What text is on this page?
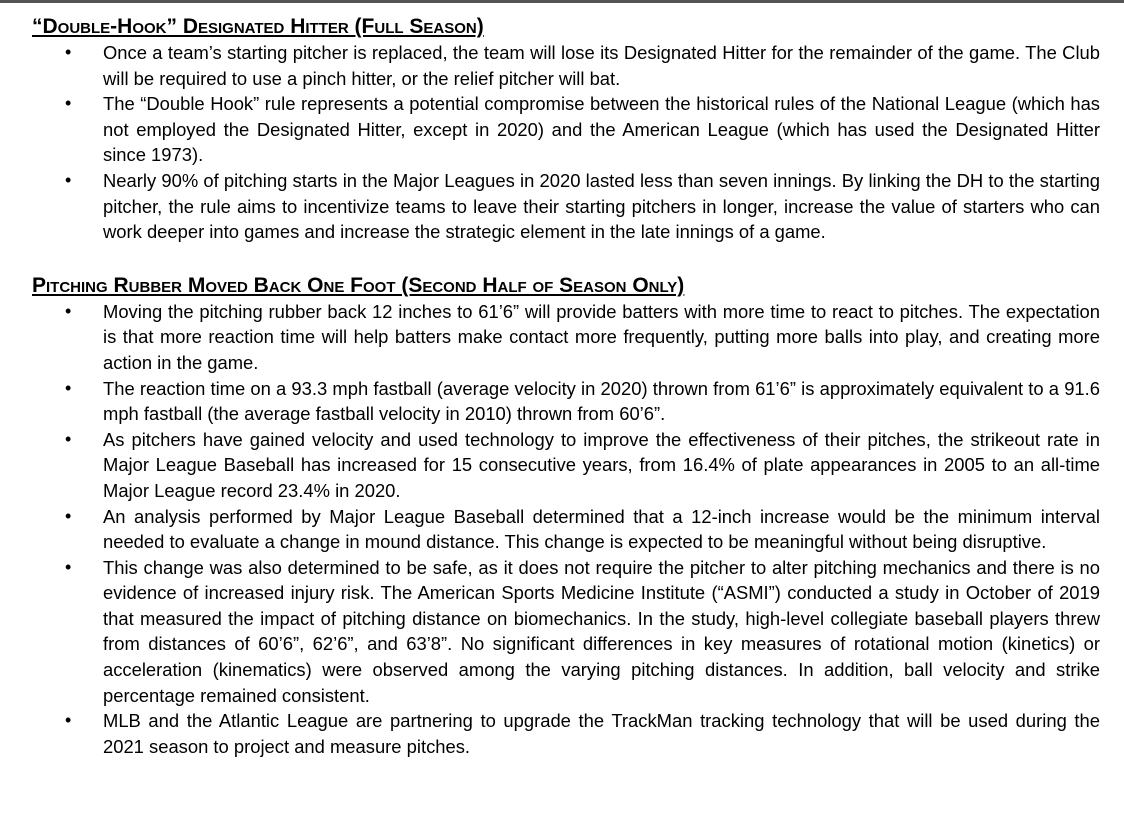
“Double-Hook” Designated Hitter (Full Season)
• Once a team’s starting pitcher is replaced, the team will lose its Designated Hitter for the remainder of the game. The Club will be required to use a pinch hitter, or the relief pitcher will bat.
• The “Double Hook” rule represents a potential compromise between the historical rules of the National League (which has not employed the Designated Hitter, except in 2020) and the American League (which has used the Designated Hitter since 1973).
• Nearly 90% of pitching starts in the Major Leagues in 2020 lasted less than seven innings. By linking the DH to the starting pitcher, the rule aims to incentivize teams to leave their starting pitchers in longer, increase the value of starters who can work deeper into games and increase the strategic element in the late innings of a game.
Pitching Rubber Moved Back One Foot (Second Half of Season Only)
• Moving the pitching rubber back 12 inches to 61’6” will provide batters with more time to react to pitches. The expectation is that more reaction time will help batters make contact more frequently, putting more balls into play, and creating more action in the game.
• The reaction time on a 93.3 mph fastball (average velocity in 2020) thrown from 61’6” is approximately equivalent to a 91.6 mph fastball (the average fastball velocity in 2010) thrown from 60’6”.
• As pitchers have gained velocity and used technology to improve the effectiveness of their pitches, the strikeout rate in Major League Baseball has increased for 15 consecutive years, from 16.4% of plate appearances in 2005 to an all-time Major League record 23.4% in 2020.
• An analysis performed by Major League Baseball determined that a 12-inch increase would be the minimum interval needed to evaluate a change in mound distance. This change is expected to be meaningful without being disruptive.
• This change was also determined to be safe, as it does not require the pitcher to alter pitching mechanics and there is no evidence of increased injury risk. The American Sports Medicine Institute (“ASMI”) conducted a study in October of 2019 that measured the impact of pitching distance on biomechanics. In the study, high-level collegiate baseball players threw from distances of 60’6”, 62’6”, and 63’8”. No significant differences in key measures of rotational motion (kinetics) or acceleration (kinematics) were observed among the varying pitching distances. In addition, ball velocity and strike percentage remained consistent.
• MLB and the Atlantic League are partnering to upgrade the TrackMan tracking technology that will be used during the 2021 season to project and measure pitches.
